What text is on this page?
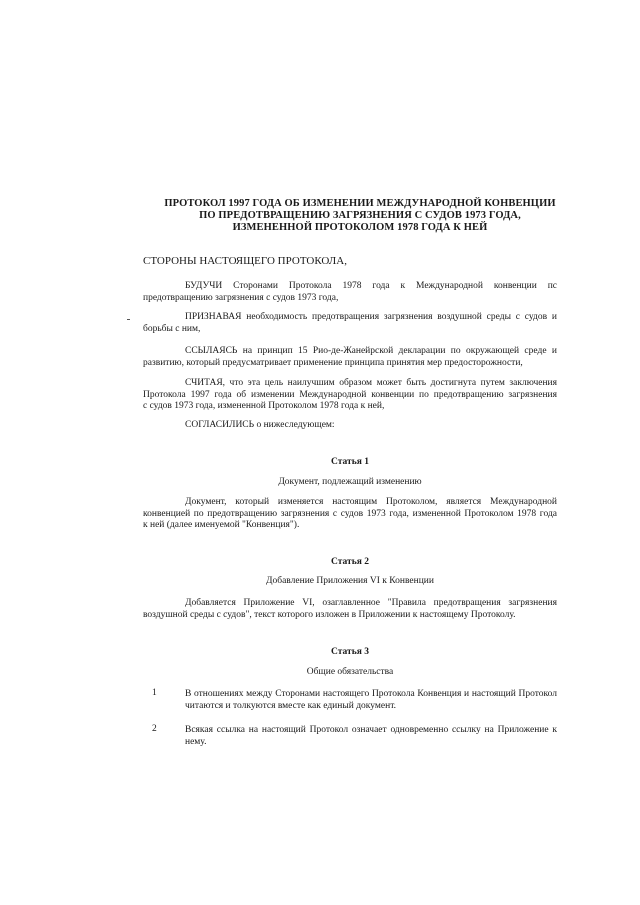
ПРОТОКОЛ 1997 ГОДА ОБ ИЗМЕНЕНИИ МЕЖДУНАРОДНОЙ КОНВЕНЦИИ
ПО ПРЕДОТВРАЩЕНИЮ ЗАГРЯЗНЕНИЯ С СУДОВ 1973 ГОДА,
ИЗМЕНЕННОЙ ПРОТОКОЛОМ 1978 ГОДА К НЕЙ
СТОРОНЫ НАСТОЯЩЕГО ПРОТОКОЛА,
БУДУЧИ Сторонами Протокола 1978 года к Международной конвенции пс
предотвращению загрязнения с судов 1973 года,
ПРИЗНАВАЯ необходимость предотвращения загрязнения воздушной среды с судов и
борьбы с ним,
ССЫЛАЯСЬ на принцип 15 Рио-де-Жанейрской декларации по окружающей среде и
развитию, который предусматривает применение принципа принятия мер предосторожности,
СЧИТАЯ, что эта цель наилучшим образом может быть достигнута путем заключения
Протокола 1997 года об изменении Международной конвенции по предотвращению загрязнения
с судов 1973 года, измененной Протоколом 1978 года к ней,
СОГЛАСИЛИСЬ о нижеследующем:
Статья 1
Документ, подлежащий изменению
Документ, который изменяется настоящим Протоколом, является Международной
конвенцией по предотвращению загрязнения с судов 1973 года, измененной Протоколом 1978 года
к ней (далее именуемой "Конвенция").
Статья 2
Добавление Приложения VI к Конвенции
Добавляется Приложение VI, озаглавленное "Правила предотвращения загрязнения
воздушной среды с судов", текст которого изложен в Приложении к настоящему Протоколу.
Статья 3
Общие обязательства
1	В отношениях между Сторонами настоящего Протокола Конвенция и настоящий Протокол
читаются и толкуются вместе как единый документ.
2	Всякая ссылка на настоящий Протокол означает одновременно ссылку на Приложение к
нему.
